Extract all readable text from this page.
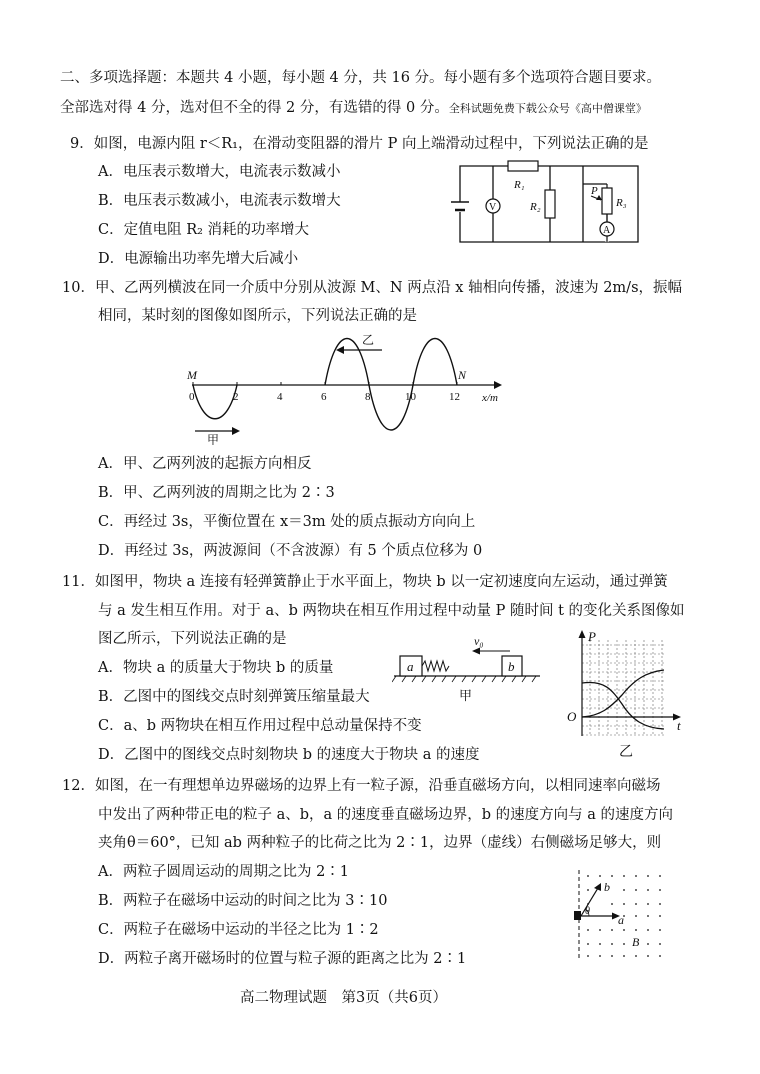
二、多项选择题：本题共 4 小题，每小题 4 分，共 16 分。每小题有多个选项符合题目要求。
全部选对得 4 分，选对但不全的得 2 分，有选错的得 0 分。全科试题免费下载公众号《高中僧课堂》
9．如图，电源内阻 r＜R₁，在滑动变阻器的滑片 P 向上端滑动过程中，下列说法正确的是
A．电压表示数增大，电流表示数减小
B．电压表示数减小，电流表示数增大
C．定值电阻 R₂ 消耗的功率增大
D．电源输出功率先增大后减小
V
R₁
R₂
P
R₃
A
10．甲、乙两列横波在同一介质中分别从波源 M、N 两点沿 x 轴相向传播，波速为 2m/s，振幅
相同，某时刻的图像如图所示，下列说法正确的是
M	N
0	2	4	6	8	10	12 x/m
乙
甲
A．甲、乙两列波的起振方向相反
B．甲、乙两列波的周期之比为 2∶3
C．再经过 3s，平衡位置在 x＝3m 处的质点振动方向向上
D．再经过 3s，两波源间（不含波源）有 5 个质点位移为 0
11．如图甲，物块 a 连接有轻弹簧静止于水平面上，物块 b 以一定初速度向左运动，通过弹簧
与 a 发生相互作用。对于 a、b 两物块在相互作用过程中动量 P 随时间 t 的变化关系图像如
图乙所示，下列说法正确的是
A．物块 a 的质量大于物块 b 的质量
B．乙图中的图线交点时刻弹簧压缩量最大
C．a、b 两物块在相互作用过程中总动量保持不变
D．乙图中的图线交点时刻物块 b 的速度大于物块 a 的速度
a	b
v₀
甲
P
O
t
乙
12．如图，在一有理想单边界磁场的边界上有一粒子源，沿垂直磁场方向，以相同速率向磁场
中发出了两种带正电的粒子 a、b，a 的速度垂直磁场边界，b 的速度方向与 a 的速度方向
夹角θ＝60°，已知 ab 两种粒子的比荷之比为 2∶1，边界（虚线）右侧磁场足够大，则
A．两粒子圆周运动的周期之比为 2∶1
B．两粒子在磁场中运动的时间之比为 3∶10
C．两粒子在磁场中运动的半径之比为 1∶2
D．两粒子离开磁场时的位置与粒子源的距离之比为 2∶1
θ
b
a
B
高二物理试题　第3页（共6页）
